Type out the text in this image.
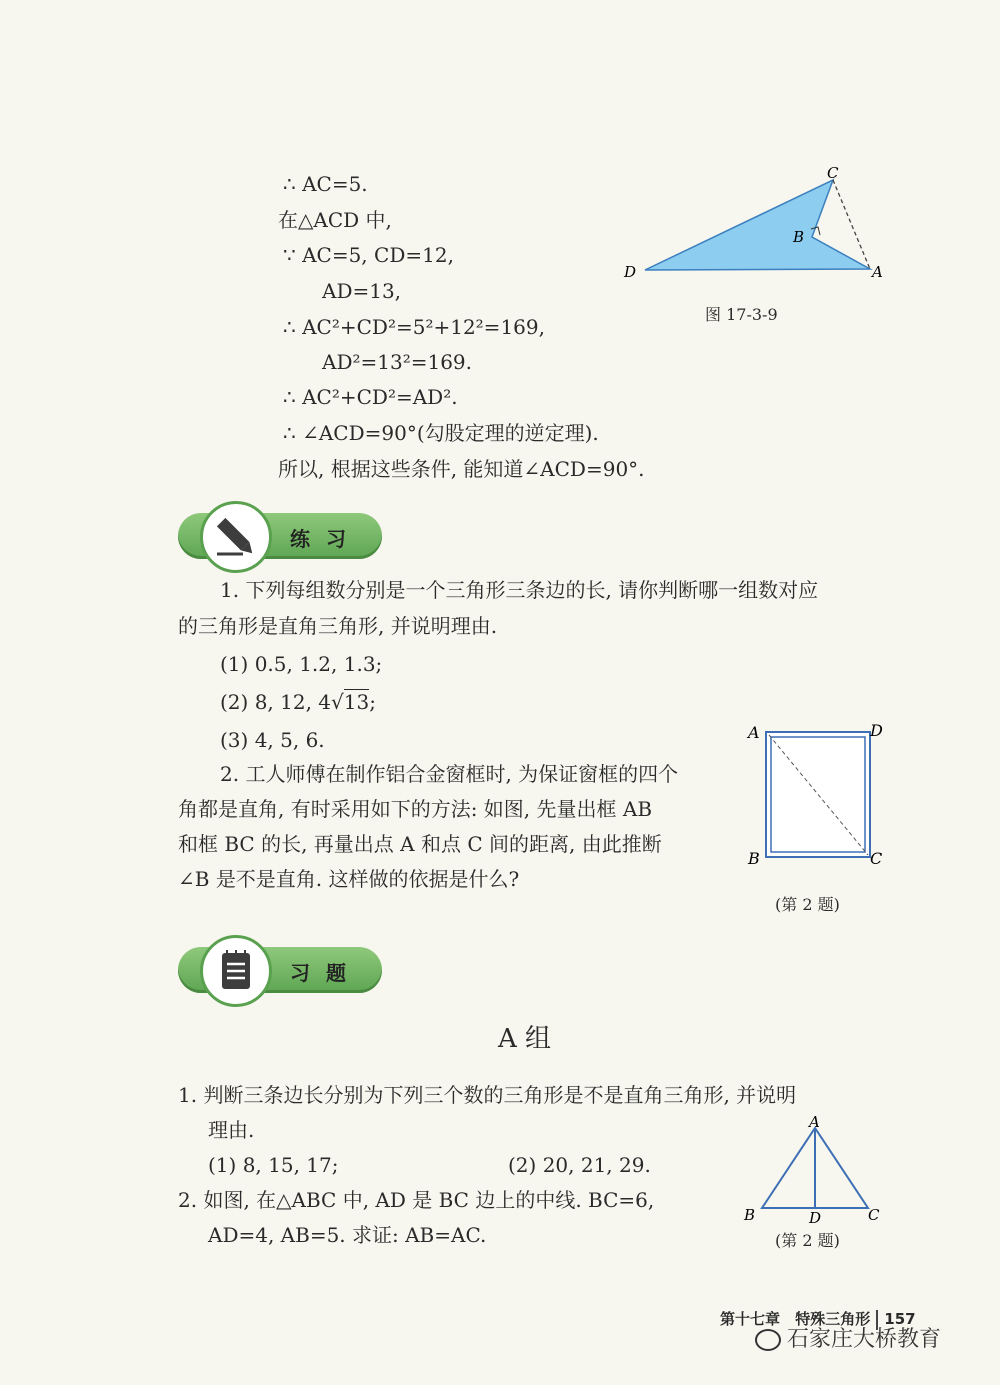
∴ AC=5.
在△ACD 中,
∵ AC=5, CD=12,
AD=13,
∴ AC²+CD²=5²+12²=169,
AD²=13²=169.
∴ AC²+CD²=AD².
∴ ∠ACD=90°(勾股定理的逆定理).
所以, 根据这些条件, 能知道∠ACD=90°.
C
B
D	A
图 17-3-9
练习
1. 下列每组数分别是一个三角形三条边的长, 请你判断哪一组数对应
的三角形是直角三角形, 并说明理由.
(1) 0.5, 1.2, 1.3;
(2) 8, 12, 4√13;
(3) 4, 5, 6.
2. 工人师傅在制作铝合金窗框时, 为保证窗框的四个
角都是直角, 有时采用如下的方法: 如图, 先量出框 AB
和框 BC 的长, 再量出点 A 和点 C 间的距离, 由此推断
∠B 是不是直角. 这样做的依据是什么?
A	D
B	C
(第 2 题)
习题
A 组
1. 判断三条边长分别为下列三个数的三角形是不是直角三角形, 并说明
理由.
(1) 8, 15, 17;	(2) 20, 21, 29.
2. 如图, 在△ABC 中, AD 是 BC 边上的中线. BC=6,
AD=4, AB=5. 求证: AB=AC.
A
B	D	C
(第 2 题)
第十七章 特殊三角形 157
石家庄大桥教育
